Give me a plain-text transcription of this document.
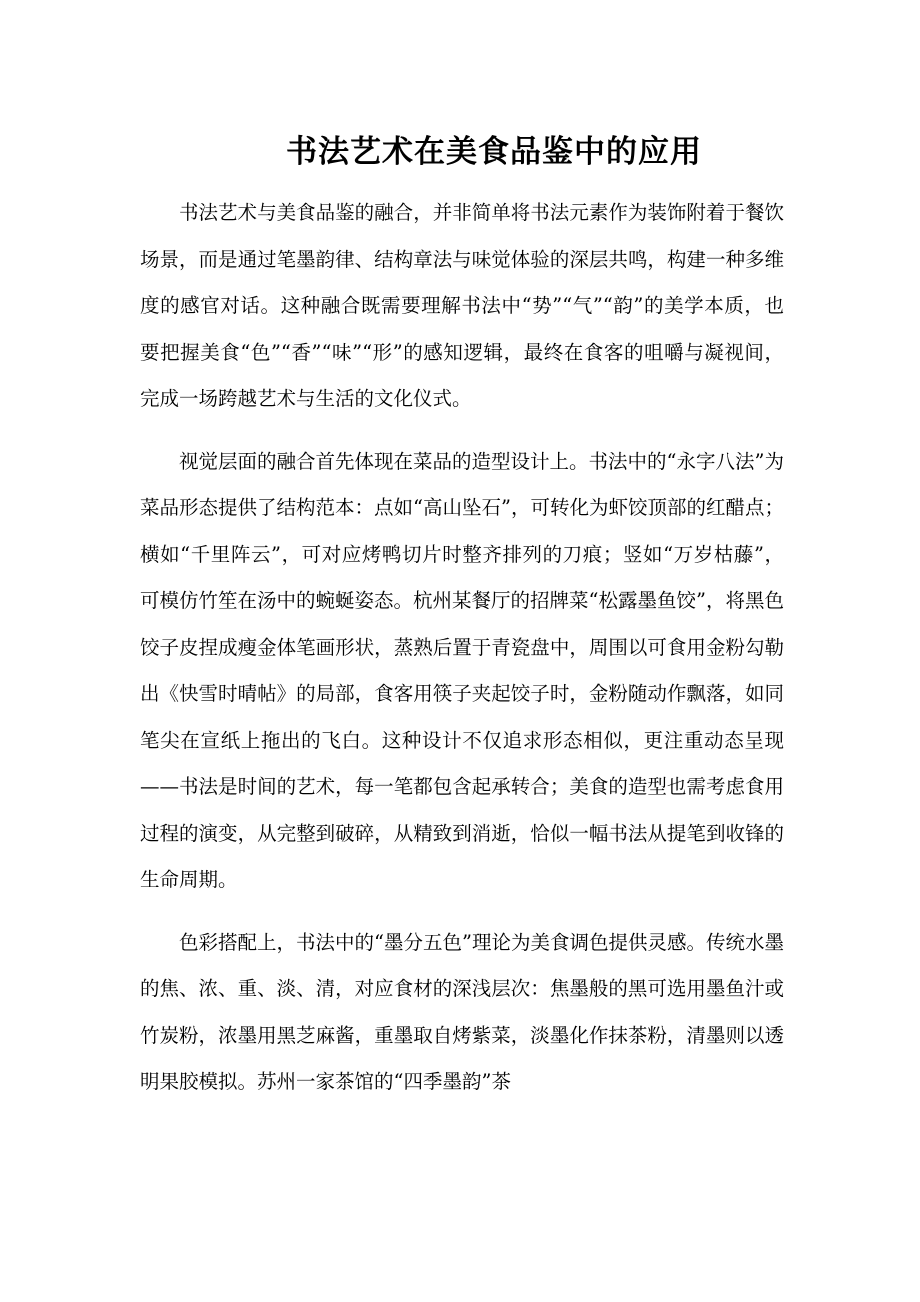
书法艺术在美食品鉴中的应用

书法艺术与美食品鉴的融合，并非简单将书法元素作为装饰附着于餐饮场景，而是通过笔墨韵律、结构章法与味觉体验的深层共鸣，构建一种多维度的感官对话。这种融合既需要理解书法中“势”“气”“韵”的美学本质，也要把握美食“色”“香”“味”“形”的感知逻辑，最终在食客的咀嚼与凝视间，完成一场跨越艺术与生活的文化仪式。

视觉层面的融合首先体现在菜品的造型设计上。书法中的“永字八法”为菜品形态提供了结构范本：点如“高山坠石”，可转化为虾饺顶部的红醋点；横如“千里阵云”，可对应烤鸭切片时整齐排列的刀痕；竖如“万岁枯藤”，可模仿竹笙在汤中的蜿蜒姿态。杭州某餐厅的招牌菜“松露墨鱼饺”，将黑色饺子皮捏成瘦金体笔画形状，蒸熟后置于青瓷盘中，周围以可食用金粉勾勒出《快雪时晴帖》的局部，食客用筷子夹起饺子时，金粉随动作飘落，如同笔尖在宣纸上拖出的飞白。这种设计不仅追求形态相似，更注重动态呈现——书法是时间的艺术，每一笔都包含起承转合；美食的造型也需考虑食用过程的演变，从完整到破碎，从精致到消逝，恰似一幅书法从提笔到收锋的生命周期。

色彩搭配上，书法中的“墨分五色”理论为美食调色提供灵感。传统水墨的焦、浓、重、淡、清，对应食材的深浅层次：焦墨般的黑可选用墨鱼汁或竹炭粉，浓墨用黑芝麻酱，重墨取自烤紫菜，淡墨化作抹茶粉，清墨则以透明果胶模拟。苏州一家茶馆的“四季墨韵”茶
